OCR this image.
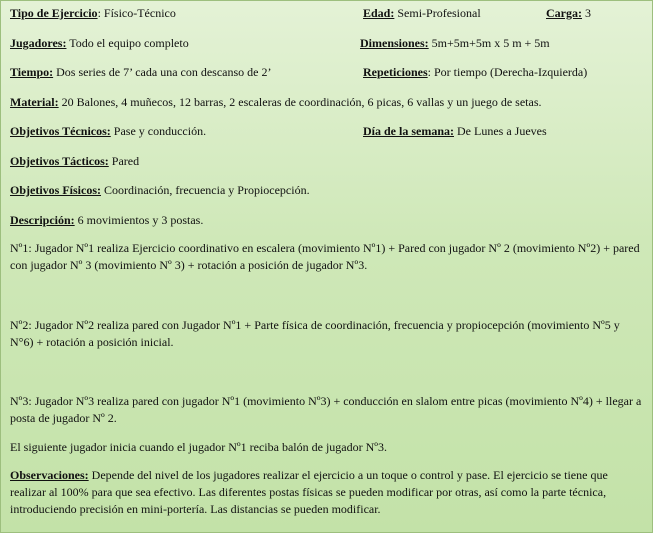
Tipo de Ejercicio: Físico-Técnico	Edad: Semi-Profesional	Carga: 3
Jugadores: Todo el equipo completo	Dimensiones: 5m+5m+5m x 5 m + 5m
Tiempo: Dos series de 7’ cada una con descanso de 2’	Repeticiones: Por tiempo (Derecha-Izquierda)
Material: 20 Balones, 4 muñecos, 12 barras, 2 escaleras de coordinación, 6 picas, 6 vallas y un juego de setas.
Objetivos Técnicos: Pase y conducción.	Día de la semana: De Lunes a Jueves
Objetivos Tácticos: Pared
Objetivos Físicos: Coordinación, frecuencia y Propiocepción.
Descripción: 6 movimientos y 3 postas.
Nº1: Jugador Nº1 realiza Ejercicio coordinativo en escalera (movimiento Nº1) + Pared con jugador Nº 2 (movimiento Nº2) + pared con jugador Nº 3 (movimiento Nº 3) + rotación a posición de jugador Nº3.
Nº2: Jugador Nº2 realiza pared con Jugador Nº1 + Parte física de coordinación, frecuencia y propiocepción (movimiento Nº5 y N°6) + rotación a posición inicial.
Nº3: Jugador Nº3 realiza pared con jugador Nº1 (movimiento Nº3) + conducción en slalom entre picas (movimiento Nº4) + llegar a posta de jugador Nº 2.
El siguiente jugador inicia cuando el jugador Nº1 reciba balón de jugador Nº3.
Observaciones: Depende del nivel de los jugadores realizar el ejercicio a un toque o control y pase. El ejercicio se tiene que realizar al 100% para que sea efectivo. Las diferentes postas físicas se pueden modificar por otras, así como la parte técnica, introduciendo precisión en mini-portería. Las distancias se pueden modificar.
